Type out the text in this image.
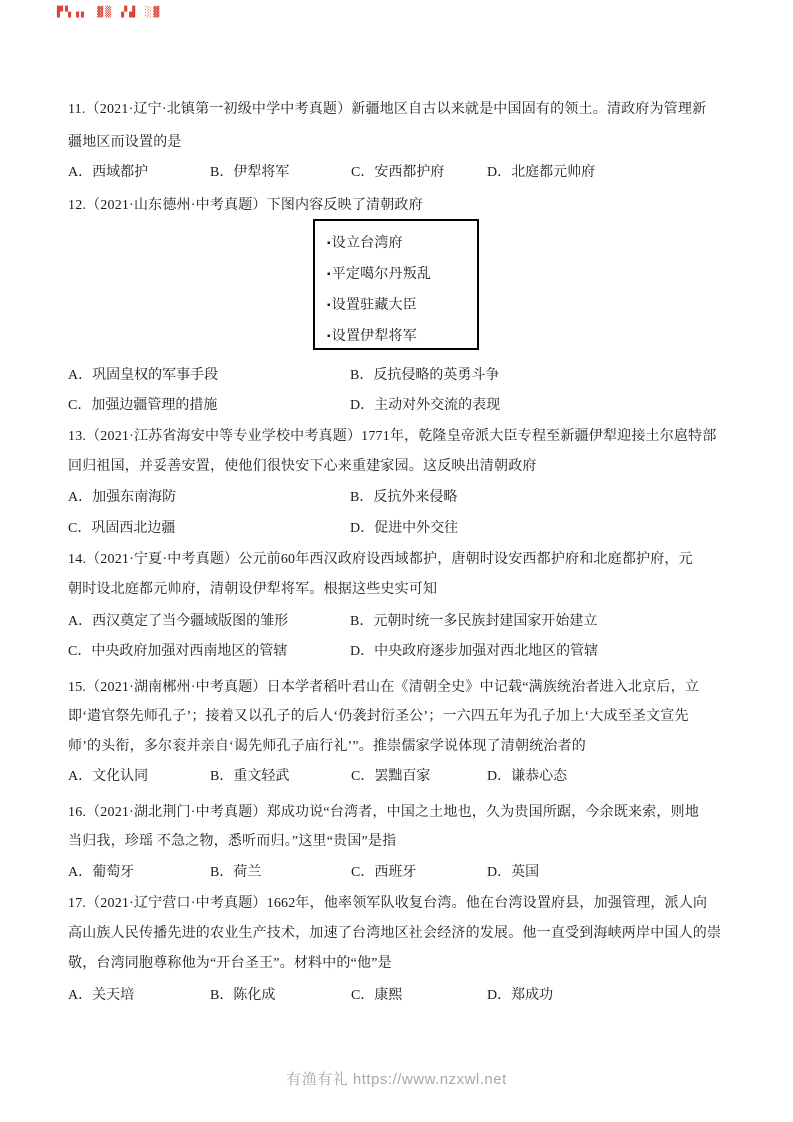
▛▚▗▖ ▓▒ ▞▟ ░▓
11.（2021·辽宁·北镇第一初级中学中考真题）新疆地区自古以来就是中国固有的领土。清政府为管理新
疆地区而设置的是
A．西域都护	B．伊犁将军	C．安西都护府	D．北庭都元帅府
12.（2021·山东德州·中考真题）下图内容反映了清朝政府
▪设立台湾府
▪平定噶尔丹叛乱
▪设置驻藏大臣
▪设置伊犁将军
A．巩固皇权的军事手段	B．反抗侵略的英勇斗争
C．加强边疆管理的措施	D．主动对外交流的表现
13.（2021·江苏省海安中等专业学校中考真题）1771年，乾隆皇帝派大臣专程至新疆伊犁迎接土尔扈特部
回归祖国，并妥善安置，使他们很快安下心来重建家园。这反映出清朝政府
A．加强东南海防	B．反抗外来侵略
C．巩固西北边疆	D．促进中外交往
14.（2021·宁夏·中考真题）公元前60年西汉政府设西域都护，唐朝时设安西都护府和北庭都护府，元
朝时设北庭都元帅府，清朝设伊犁将军。根据这些史实可知
A．西汉奠定了当今疆域版图的雏形	B．元朝时统一多民族封建国家开始建立
C．中央政府加强对西南地区的管辖	D．中央政府逐步加强对西北地区的管辖
15.（2021·湖南郴州·中考真题）日本学者稻叶君山在《清朝全史》中记载“满族统治者进入北京后，立
即‘遣官祭先师孔子’；接着又以孔子的后人‘仍袭封衍圣公’；一六四五年为孔子加上‘大成至圣文宣先
师’的头衔，多尔衮并亲自‘谒先师孔子庙行礼’”。推崇儒家学说体现了清朝统治者的
A．文化认同	B．重文轻武	C．罢黜百家	D．谦恭心态
16.（2021·湖北荆门·中考真题）郑成功说“台湾者，中国之土地也，久为贵国所踞，今余既来索，则地
当归我，珍瑶 不急之物，悉听而归。”这里“贵国”是指
A．葡萄牙	B．荷兰	C．西班牙	D．英国
17.（2021·辽宁营口·中考真题）1662年，他率领军队收复台湾。他在台湾设置府县，加强管理，派人向
高山族人民传播先进的农业生产技术，加速了台湾地区社会经济的发展。他一直受到海峡两岸中国人的崇
敬，台湾同胞尊称他为“开台圣王”。材料中的“他”是
A．关天培	B．陈化成	C．康熙	D．郑成功
有渔有礼 https://www.nzxwl.net
